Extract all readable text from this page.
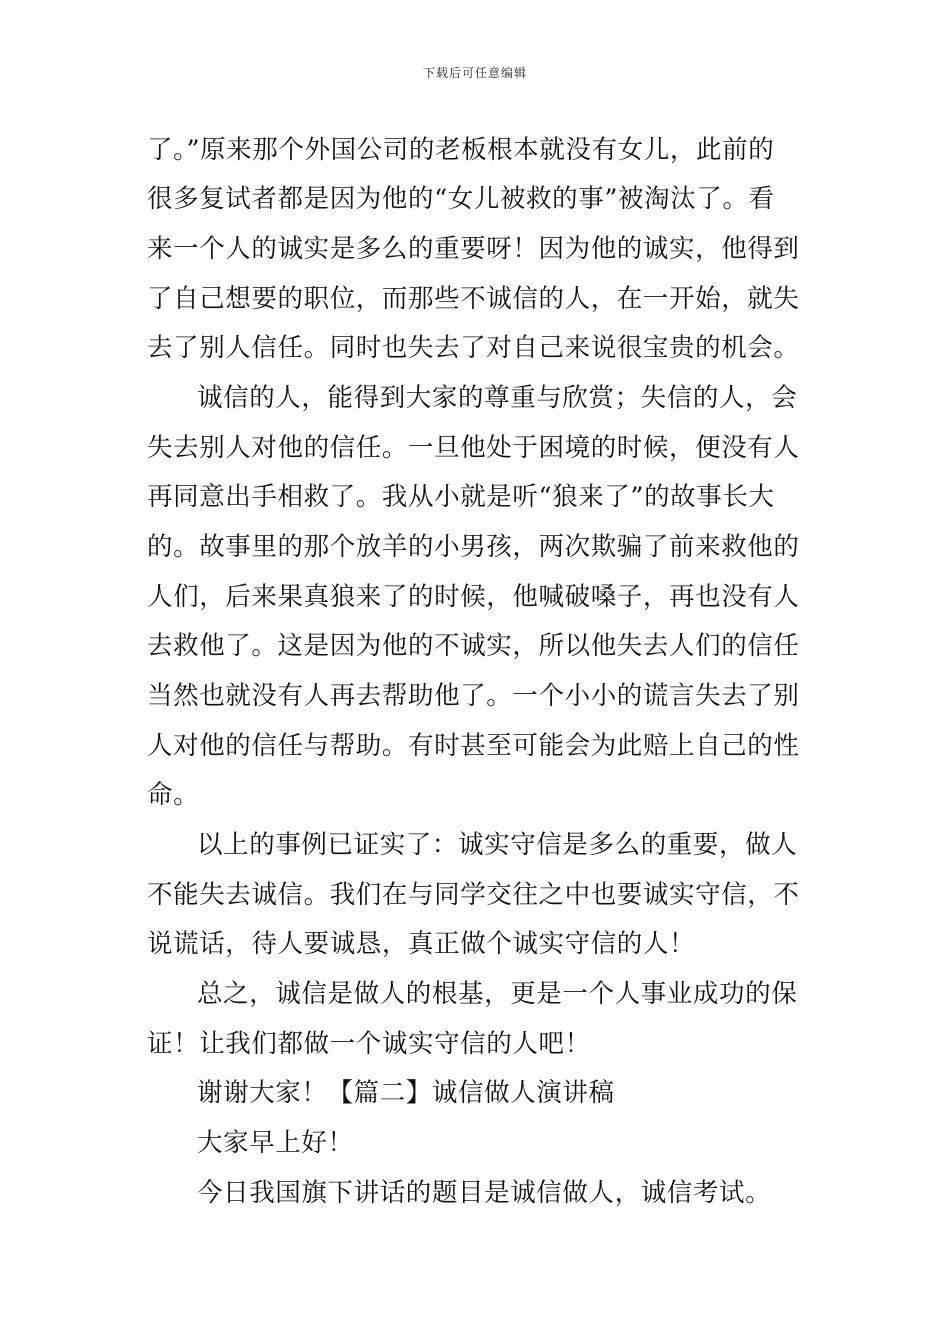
下载后可任意编辑
了。”原来那个外国公司的老板根本就没有女儿，此前的
很多复试者都是因为他的“女儿被救的事”被淘汰了。看
来一个人的诚实是多么的重要呀！因为他的诚实，他得到
了自己想要的职位，而那些不诚信的人，在一开始，就失
去了别人信任。同时也失去了对自己来说很宝贵的机会。
诚信的人，能得到大家的尊重与欣赏；失信的人，会
失去别人对他的信任。一旦他处于困境的时候，便没有人
再同意出手相救了。我从小就是听“狼来了”的故事长大
的。故事里的那个放羊的小男孩，两次欺骗了前来救他的
人们，后来果真狼来了的时候，他喊破嗓子，再也没有人
去救他了。这是因为他的不诚实，所以他失去人们的信任
当然也就没有人再去帮助他了。一个小小的谎言失去了别
人对他的信任与帮助。有时甚至可能会为此赔上自己的性
命。
以上的事例已证实了：诚实守信是多么的重要，做人
不能失去诚信。我们在与同学交往之中也要诚实守信，不
说谎话，待人要诚恳，真正做个诚实守信的人！
总之，诚信是做人的根基，更是一个人事业成功的保
证！让我们都做一个诚实守信的人吧！
谢谢大家！【篇二】诚信做人演讲稿
大家早上好！
今日我国旗下讲话的题目是诚信做人，诚信考试。
